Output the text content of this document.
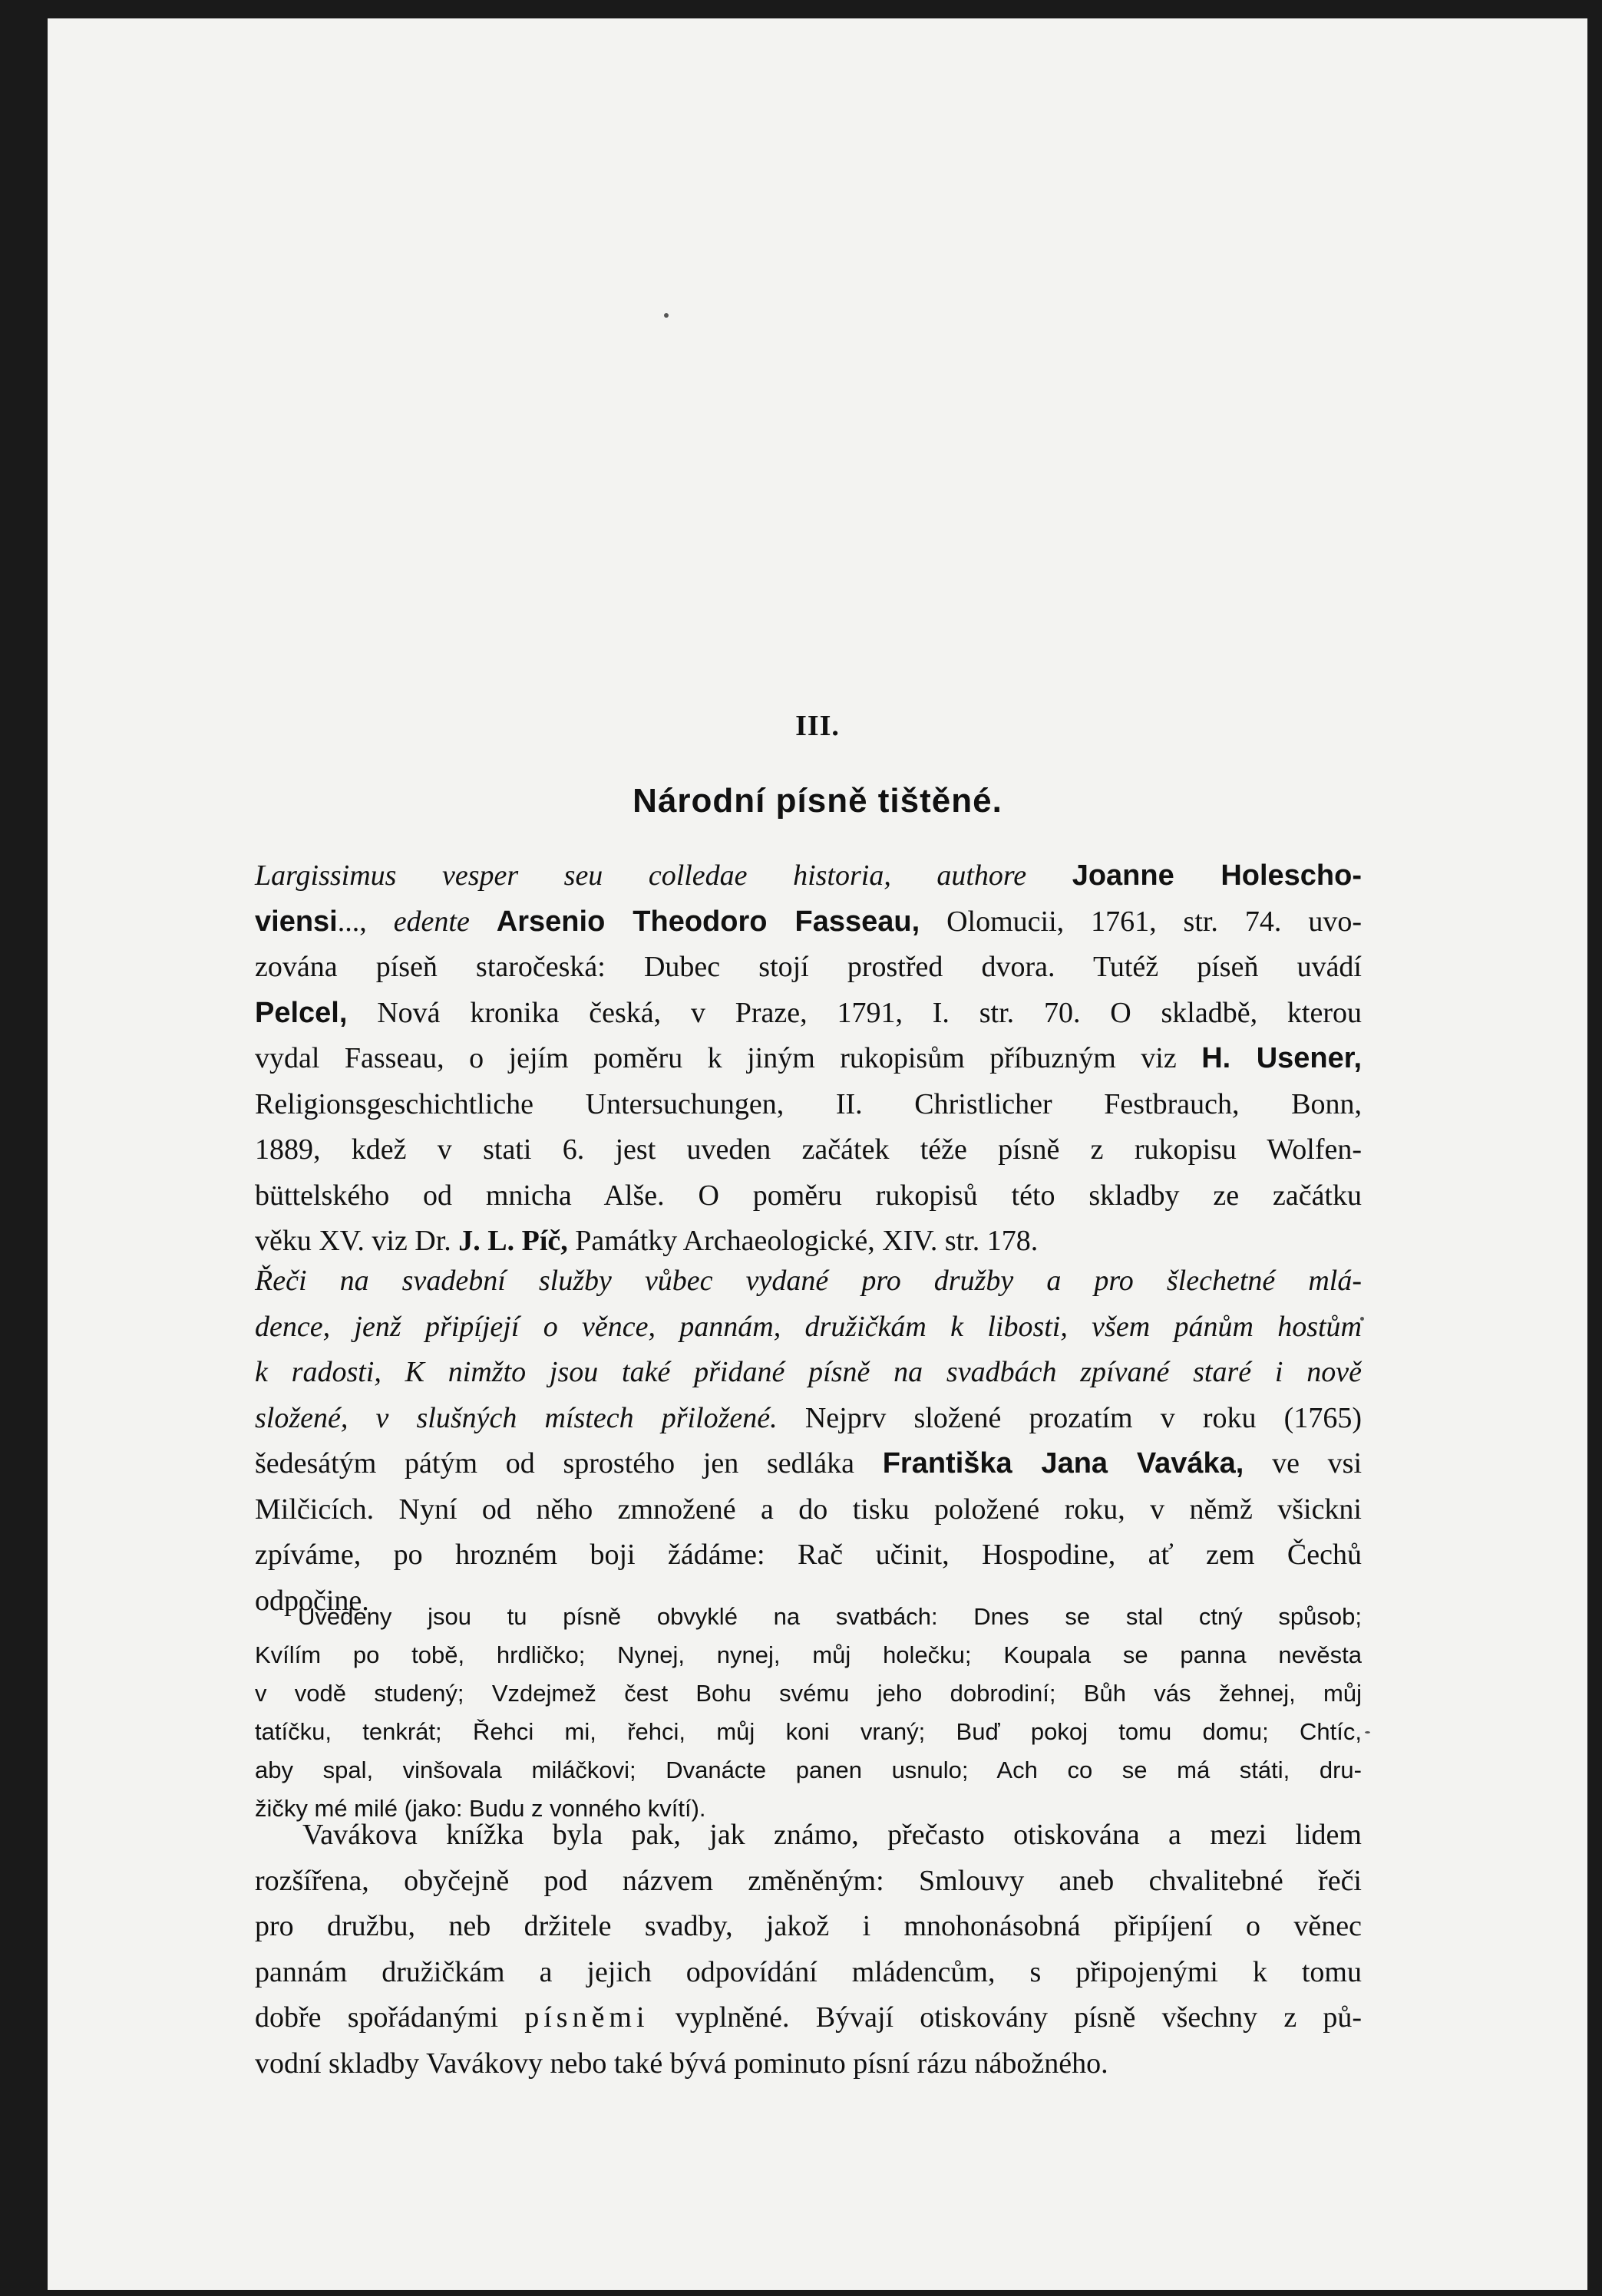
III.
Národní písně tištěné.
Largissimus vesper seu colledae historia, authore Joanne Holescho-
viensi..., edente Arsenio Theodoro Fasseau, Olomucii, 1761, str. 74. uvo-
zována píseň staročeská: Dubec stojí prostřed dvora. Tutéž píseň uvádí
Pelcel, Nová kronika česká, v Praze, 1791, I. str. 70. O skladbě, kterou
vydal Fasseau, o jejím poměru k jiným rukopisům příbuzným viz H. Usener,
Religionsgeschichtliche Untersuchungen, II. Christlicher Festbrauch, Bonn,
1889, kdež v stati 6. jest uveden začátek téže písně z rukopisu Wolfen-
büttelského od mnicha Alše. O poměru rukopisů této skladby ze začátku
věku XV. viz Dr. J. L. Píč, Památky Archaeologické, XIV. str. 178.
Řeči na svadební služby vůbec vydané pro družby a pro šlechetné mlá-
dence, jenž připíjejí o věnce, pannám, družičkám k libosti, všem pánům hostům
k radosti, K nimžto jsou také přidané písně na svadbách zpívané staré i nově
složené, v slušných místech přiložené. Nejprv složené prozatím v roku (1765)
šedesátým pátým od sprostého jen sedláka Františka Jana Vaváka, ve vsi
Milčicích. Nyní od něho zmnožené a do tisku položené roku, v němž všickni
zpíváme, po hrozném boji žádáme: Rač učinit, Hospodine, ať zem Čechů
odpočine.
Uvedeny jsou tu písně obvyklé na svatbách: Dnes se stal ctný spůsob;
Kvílím po tobě, hrdličko; Nynej, nynej, můj holečku; Koupala se panna nevěsta
v vodě studený; Vzdejmež čest Bohu svému jeho dobrodiní; Bůh vás žehnej, můj
tatíčku, tenkrát; Řehci mi, řehci, můj koni vraný; Buď pokoj tomu domu; Chtíc,
aby spal, vinšovala miláčkovi; Dvanácte panen usnulo; Ach co se má státi, dru-
žičky mé milé (jako: Budu z vonného kvítí).
Vavákova knížka byla pak, jak známo, přečasto otiskována a mezi lidem
rozšířena, obyčejně pod názvem změněným: Smlouvy aneb chvalitebné řeči
pro družbu, neb držitele svadby, jakož i mnohonásobná připíjení o věnec
pannám družičkám a jejich odpovídání mládencům, s připojenými k tomu
dobře spořádanými písněmi vyplněné. Bývají otiskovány písně všechny z pů-
vodní skladby Vavákovy nebo také bývá pominuto písní rázu nábožného.
